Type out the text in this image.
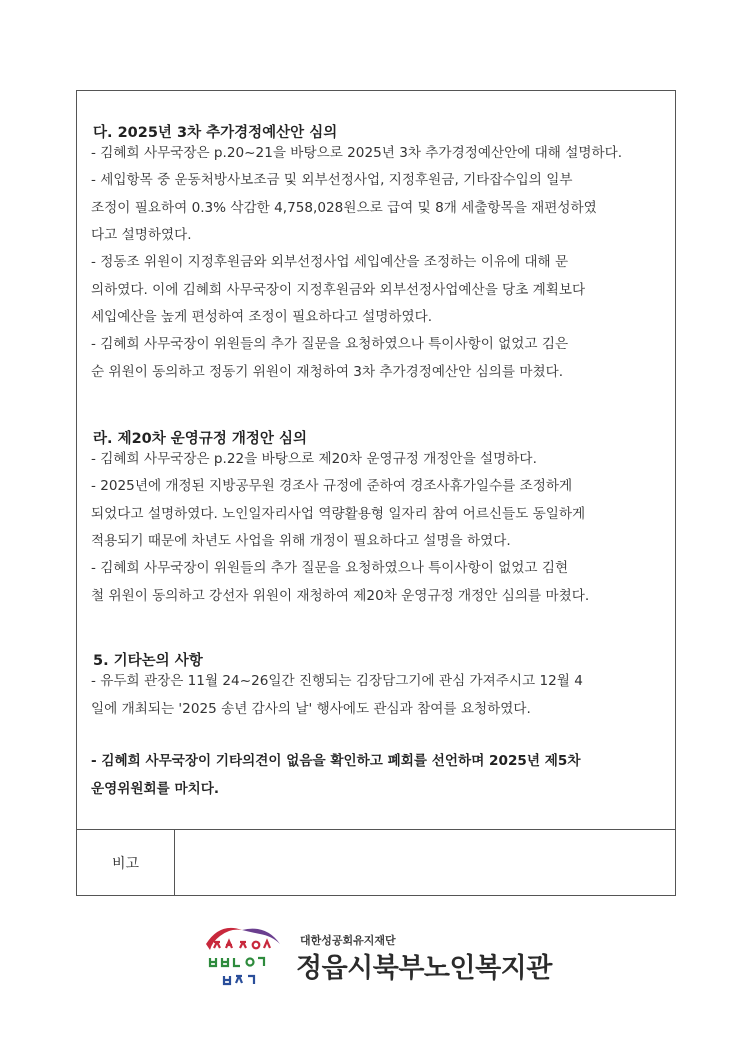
다. 2025년 3차 추가경정예산안 심의
- 김혜희 사무국장은 p.20~21을 바탕으로 2025년 3차 추가경정예산안에 대해 설명하다.
- 세입항목 중 운동처방사보조금 및 외부선정사업, 지정후원금, 기타잡수입의 일부
조정이 필요하여 0.3% 삭감한 4,758,028원으로 급여 및 8개 세출항목을 재편성하였
다고 설명하였다.
- 정동조 위원이 지정후원금와 외부선정사업 세입예산을 조정하는 이유에 대해 문
의하였다. 이에 김혜희 사무국장이 지정후원금와 외부선정사업예산을 당초 계획보다
세입예산을 높게 편성하여 조정이 필요하다고 설명하였다.
- 김혜희 사무국장이 위원들의 추가 질문을 요청하였으나 특이사항이 없었고 김은
순 위원이 동의하고 정동기 위원이 재청하여 3차 추가경정예산안 심의를 마쳤다.
라. 제20차 운영규정 개정안 심의
- 김혜희 사무국장은 p.22을 바탕으로 제20차 운영규정 개정안을 설명하다.
- 2025년에 개정된 지방공무원 경조사 규정에 준하여 경조사휴가일수를 조정하게
되었다고 설명하였다. 노인일자리사업 역량활용형 일자리 참여 어르신들도 동일하게
적용되기 때문에 차년도 사업을 위해 개정이 필요하다고 설명을 하였다.
- 김혜희 사무국장이 위원들의 추가 질문을 요청하였으나 특이사항이 없었고 김현
철 위원이 동의하고 강선자 위원이 재청하여 제20차 운영규정 개정안 심의를 마쳤다.
5. 기타논의 사항
- 유두희 관장은 11월 24~26일간 진행되는 김장담그기에 관심 가져주시고 12월 4
일에 개최되는 '2025 송년 감사의 날' 행사에도 관심과 참여를 요청하였다.
- 김혜희 사무국장이 기타의견이 없음을 확인하고 폐회를 선언하며 2025년 제5차
운영위원회를 마치다.
비고
대한성공회유지재단
정읍시북부노인복지관
